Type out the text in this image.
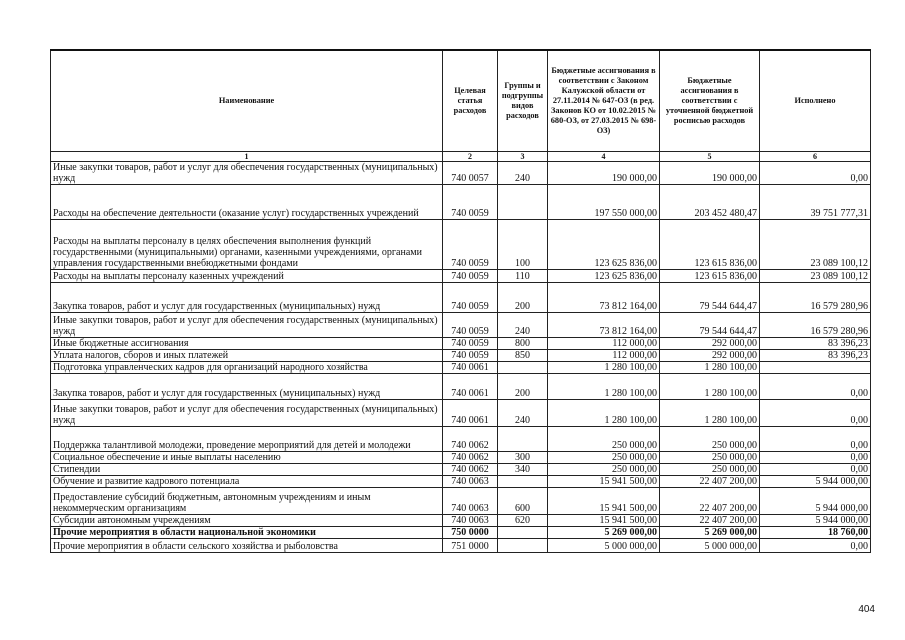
Наименование	Целевая статья расходов	Группы и подгруппы видов расходов	Бюджетные ассигнования в соответствии с Законом Калужской области от 27.11.2014 № 647-ОЗ (в ред. Законов КО от 10.02.2015 № 680-ОЗ, от 27.03.2015 № 698-ОЗ)	Бюджетные ассигнования в соответствии с уточненной бюджетной росписью расходов	Исполнено
1	2	3	4	5	6
Иные закупки товаров, работ и услуг для обеспечения государственных (муниципальных) нужд	740 0057	240	190 000,00	190 000,00	0,00
Расходы на обеспечение деятельности (оказание услуг) государственных учреждений	740 0059		197 550 000,00	203 452 480,47	39 751 777,31
Расходы на выплаты персоналу в целях обеспечения выполнения функций государственными (муниципальными) органами, казенными учреждениями, органами управления государственными внебюджетными фондами	740 0059	100	123 625 836,00	123 615 836,00	23 089 100,12
Расходы на выплаты персоналу казенных учреждений	740 0059	110	123 625 836,00	123 615 836,00	23 089 100,12
Закупка товаров, работ и услуг для государственных (муниципальных) нужд	740 0059	200	73 812 164,00	79 544 644,47	16 579 280,96
Иные закупки товаров, работ и услуг для обеспечения государственных (муниципальных) нужд	740 0059	240	73 812 164,00	79 544 644,47	16 579 280,96
Иные бюджетные ассигнования	740 0059	800	112 000,00	292 000,00	83 396,23
Уплата налогов, сборов и иных платежей	740 0059	850	112 000,00	292 000,00	83 396,23
Подготовка управленческих кадров для организаций народного хозяйства	740 0061		1 280 100,00	1 280 100,00	
Закупка товаров, работ и услуг для государственных (муниципальных) нужд	740 0061	200	1 280 100,00	1 280 100,00	0,00
Иные закупки товаров, работ и услуг для обеспечения государственных (муниципальных) нужд	740 0061	240	1 280 100,00	1 280 100,00	0,00
Поддержка талантливой молодежи, проведение мероприятий для детей и молодежи	740 0062		250 000,00	250 000,00	0,00
Социальное обеспечение и иные выплаты населению	740 0062	300	250 000,00	250 000,00	0,00
Стипендии	740 0062	340	250 000,00	250 000,00	0,00
Обучение и развитие кадрового потенциала	740 0063		15 941 500,00	22 407 200,00	5 944 000,00
Предоставление субсидий бюджетным, автономным учреждениям и иным некоммерческим организациям	740 0063	600	15 941 500,00	22 407 200,00	5 944 000,00
Субсидии автономным учреждениям	740 0063	620	15 941 500,00	22 407 200,00	5 944 000,00
Прочие мероприятия в области национальной экономики	750 0000		5 269 000,00	5 269 000,00	18 760,00
Прочие мероприятия в области сельского хозяйства и рыболовства	751 0000		5 000 000,00	5 000 000,00	0,00
404
